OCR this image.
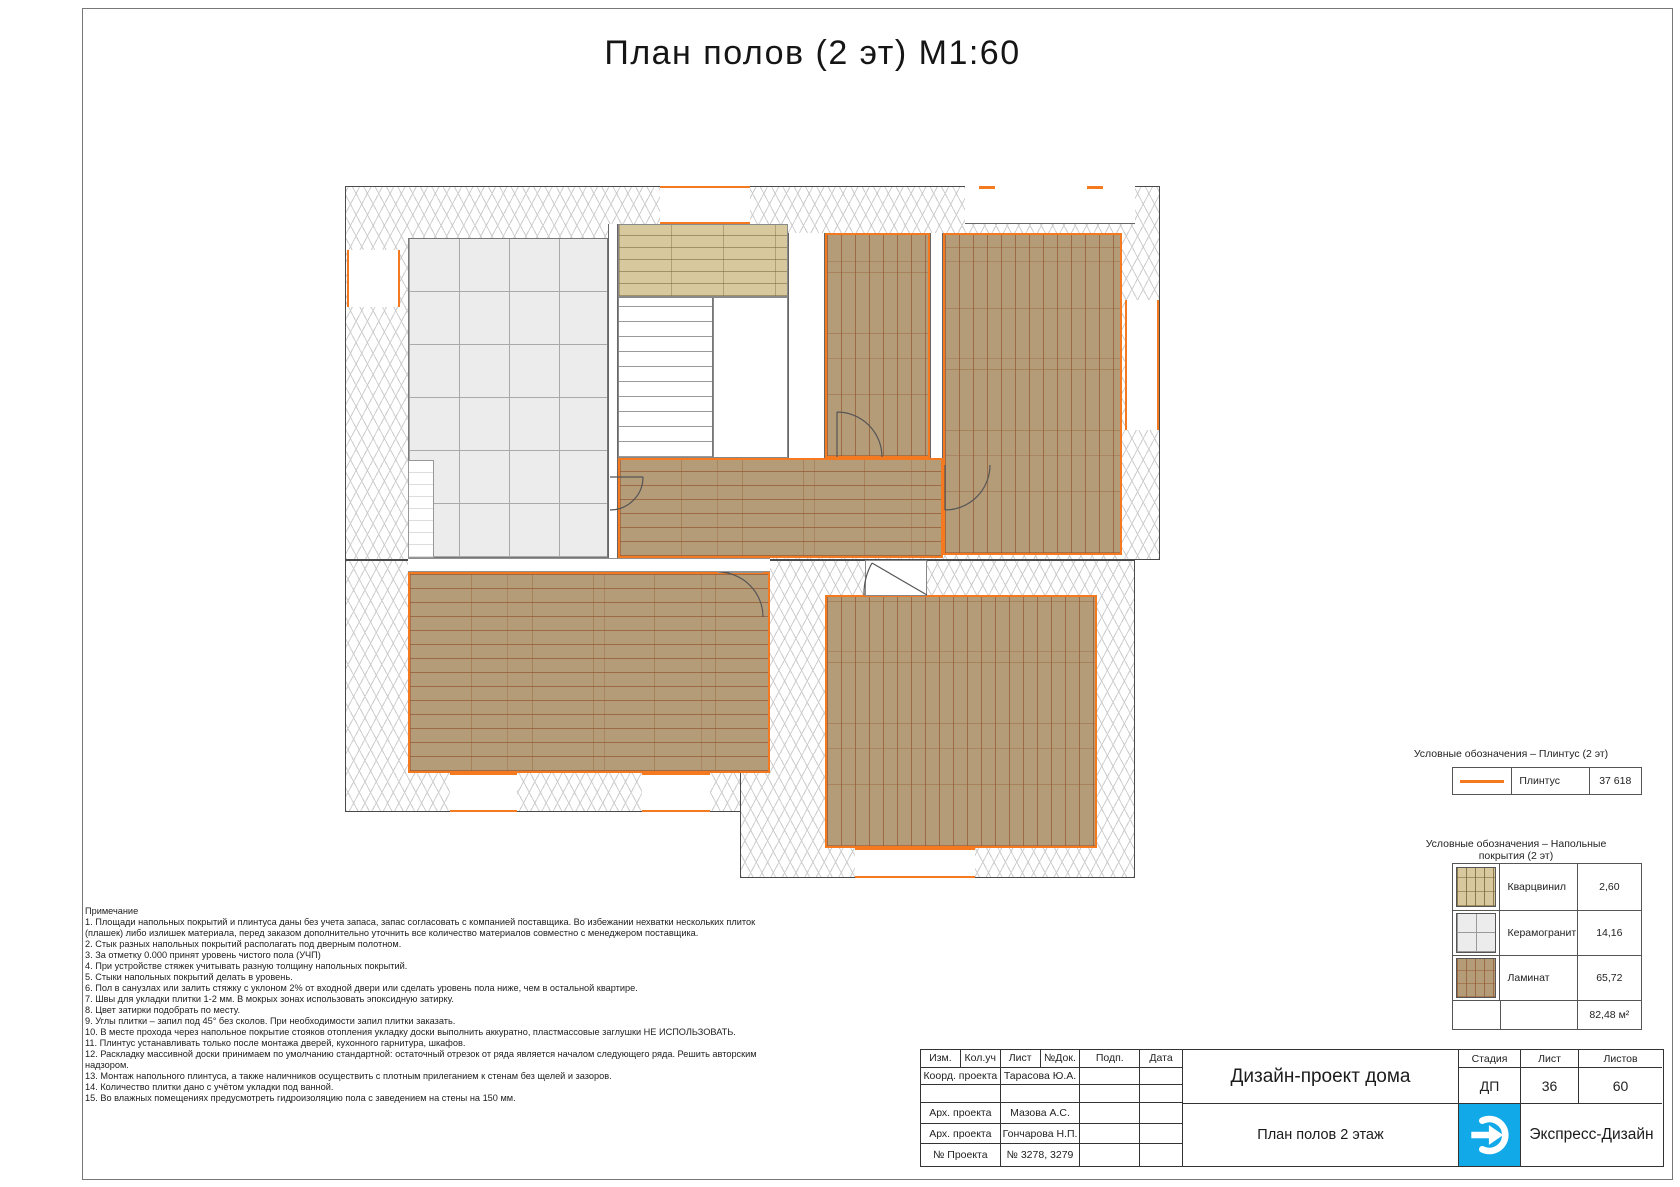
План полов (2 эт) М1:60
Условные обозначения – Плинтус (2 эт)
Плинтус	37 618
Условные обозначения – Напольные
покрытия (2 эт)
Кварцвинил	2,60
Керамогранит	14,16
Ламинат	65,72
82,48 м²
Примечание
1. Площади напольных покрытий и плинтуса даны без учета запаса, запас согласовать с компанией поставщика. Во избежании нехватки нескольких плиток (плашек) либо излишек материала, перед заказом дополнительно уточнить все количество материалов совместно с менеджером поставщика.
2. Стык разных напольных покрытий располагать под дверным полотном.
3. За отметку 0.000 принят уровень чистого пола (УЧП)
4. При устройстве стяжек учитывать разную толщину напольных покрытий.
5. Стыки напольных покрытий делать в уровень.
6. Пол в санузлах или залить стяжку с уклоном 2% от входной двери или сделать уровень пола ниже, чем в остальной квартире.
7. Швы для укладки плитки 1-2 мм. В мокрых зонах использовать эпоксидную затирку.
8. Цвет затирки подобрать по месту.
9. Углы плитки – запил под 45° без сколов. При необходимости запил плитки заказать.
10. В месте прохода через напольное покрытие стояков отопления укладку доски выполнить аккуратно, пластмассовые заглушки НЕ ИСПОЛЬЗОВАТЬ.
11. Плинтус устанавливать только после монтажа дверей, кухонного гарнитура, шкафов.
12. Раскладку массивной доски принимаем по умолчанию стандартной: остаточный отрезок от ряда является началом следующего ряда. Решить авторским надзором.
13. Монтаж напольного плинтуса, а также наличников осуществить с плотным прилеганием к стенам без щелей и зазоров.
14. Количество плитки дано с учётом укладки под ванной.
15. Во влажных помещениях предусмотреть гидроизоляцию пола с заведением на стены на 150 мм.
Изм.	Кол.уч	Лист	№Док.	Подп.	Дата
Коорд. проекта Тарасова Ю.А.
Арх. проекта	Мазова А.С.
Арх. проекта	Гончарова Н.П.
№ Проекта	№ 3278, 3279
Дизайн-проект дома
План полов 2 этаж
Стадия	Лист	Листов
ДП	36	60
Экспресс-Дизайн
